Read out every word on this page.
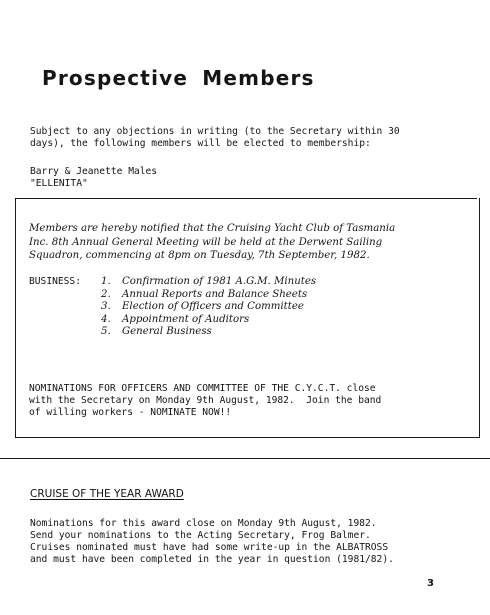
Prospective Members
Subject to any objections in writing (to the Secretary within 30
days), the following members will be elected to membership:
Barry & Jeanette Males
"ELLENITA"
Members are hereby notified that the Cruising Yacht Club of Tasmania
Inc. 8th Annual General Meeting will be held at the Derwent Sailing
Squadron, commencing at 8pm on Tuesday, 7th September, 1982.
BUSINESS: 1. Confirmation of 1981 A.G.M. Minutes
2. Annual Reports and Balance Sheets
3. Election of Officers and Committee
4. Appointment of Auditors
5. General Business
NOMINATIONS FOR OFFICERS AND COMMITTEE OF THE C.Y.C.T. close
with the Secretary on Monday 9th August, 1982.  Join the band
of willing workers - NOMINATE NOW!!
CRUISE OF THE YEAR AWARD
Nominations for this award close on Monday 9th August, 1982.
Send your nominations to the Acting Secretary, Frog Balmer.
Cruises nominated must have had some write-up in the ALBATROSS
and must have been completed in the year in question (1981/82).
3
